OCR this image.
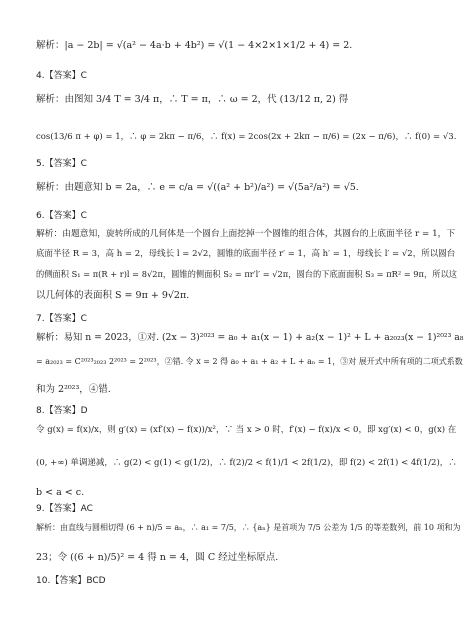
解析：|a − 2b| = √(a² − 4a·b + 4b²) = √(1 − 4×2×1×1/2 + 4) = 2.
4.【答案】C
解析：由图知 3/4 T = 3/4 π，∴ T = π，∴ ω = 2，代 (13/12 π, 2) 得
cos(13/6 π + φ) = 1，∴ φ = 2kπ − π/6，∴ f(x) = 2cos(2x + 2kπ − π/6) = (2x − π/6)，∴ f(0) = √3.
5.【答案】C
解析：由题意知 b = 2a，∴ e = c/a = √((a² + b²)/a²) = √(5a²/a²) = √5.
6.【答案】C
解析：由题意知，旋转所成的几何体是一个圆台上面挖掉一个圆锥的组合体，其圆台的上底面半径 r = 1，下
底面半径 R = 3，高 h = 2，母线长 l = 2√2，圆锥的底面半径 r′ = 1，高 h′ = 1，母线长 l′ = √2，所以圆台
的侧面积 S₁ = π(R + r)l = 8√2π，圆锥的侧面积 S₂ = πr′l′ = √2π，圆台的下底面面积 S₃ = πR² = 9π，所以这
以几何体的表面积 S = 9π + 9√2π.
7.【答案】C
解析：易知 n = 2023，①对. (2x − 3)²⁰²³ = a₀ + a₁(x − 1) + a₂(x − 1)² + L + a₂₀₂₃(x − 1)²⁰²³ a₈
= a₂₀₂₃ = C²⁰²³₂₀₂₃ 2²⁰²³ = 2²⁰²³，②错. 令 x = 2 得 a₀ + a₁ + a₂ + L + aₙ = 1，③对 展开式中所有项的二项式系数
和为 2²⁰²³，④错.
8.【答案】D
令 g(x) = f(x)/x，则 g′(x) = (xf′(x) − f(x))/x²，∵ 当 x > 0 时，f′(x) − f(x)/x < 0，即 xg′(x) < 0，g(x) 在
(0, +∞) 单调递减，∴ g(2) < g(1) < g(1/2)，∴ f(2)/2 < f(1)/1 < 2f(1/2)，即 f(2) < 2f(1) < 4f(1/2)，∴
b < a < c.
9.【答案】AC
解析：由直线与圆相切得 (6 + n)/5 = aₙ，∴ a₁ = 7/5，∴ {aₙ} 是首项为 7/5 公差为 1/5 的等差数列，前 10 项和为
23；令 ((6 + n)/5)² = 4 得 n = 4，圆 C 经过坐标原点.
10.【答案】BCD
